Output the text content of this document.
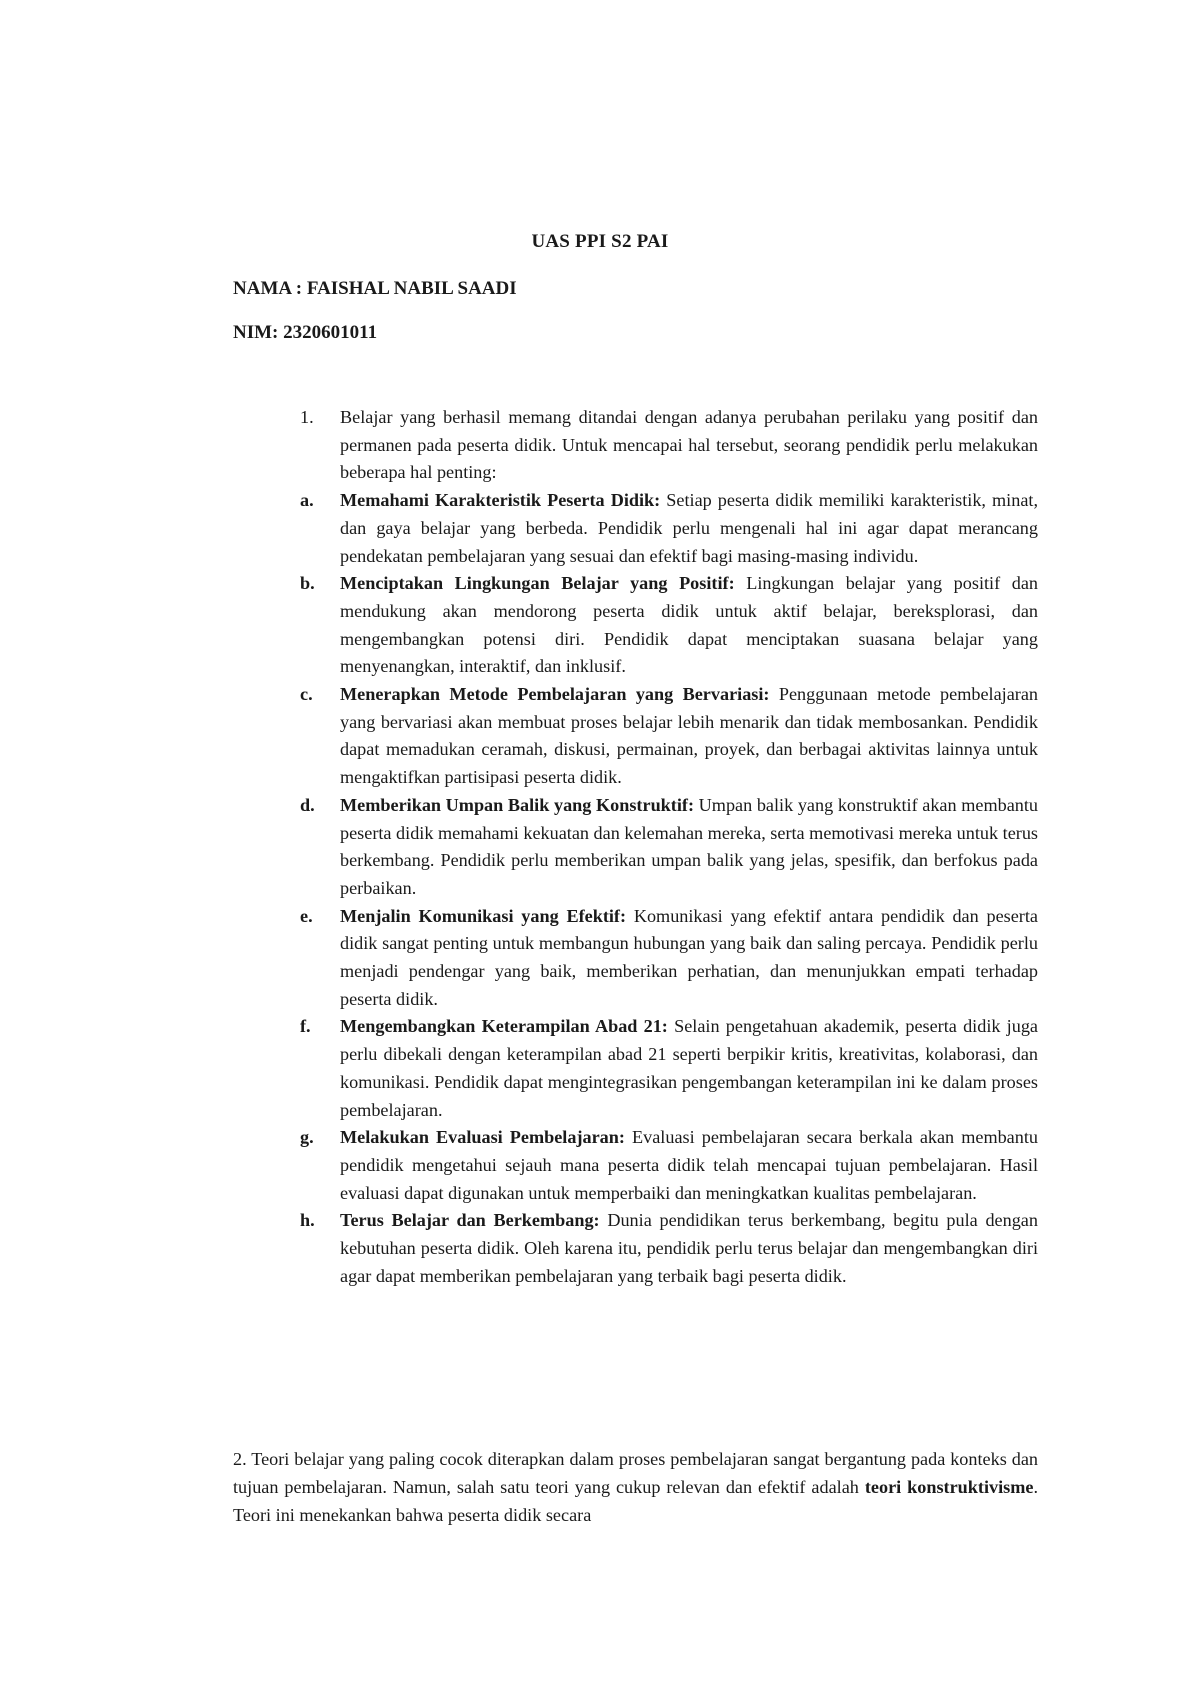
UAS PPI S2 PAI
NAMA : FAISHAL NABIL SAADI
NIM: 2320601011
1.	Belajar yang berhasil memang ditandai dengan adanya perubahan perilaku yang positif dan permanen pada peserta didik. Untuk mencapai hal tersebut, seorang pendidik perlu melakukan beberapa hal penting:
a.	Memahami Karakteristik Peserta Didik: Setiap peserta didik memiliki karakteristik, minat, dan gaya belajar yang berbeda. Pendidik perlu mengenali hal ini agar dapat merancang pendekatan pembelajaran yang sesuai dan efektif bagi masing-masing individu.
b.	Menciptakan Lingkungan Belajar yang Positif: Lingkungan belajar yang positif dan mendukung akan mendorong peserta didik untuk aktif belajar, bereksplorasi, dan mengembangkan potensi diri. Pendidik dapat menciptakan suasana belajar yang menyenangkan, interaktif, dan inklusif.
c.	Menerapkan Metode Pembelajaran yang Bervariasi: Penggunaan metode pembelajaran yang bervariasi akan membuat proses belajar lebih menarik dan tidak membosankan. Pendidik dapat memadukan ceramah, diskusi, permainan, proyek, dan berbagai aktivitas lainnya untuk mengaktifkan partisipasi peserta didik.
d.	Memberikan Umpan Balik yang Konstruktif: Umpan balik yang konstruktif akan membantu peserta didik memahami kekuatan dan kelemahan mereka, serta memotivasi mereka untuk terus berkembang. Pendidik perlu memberikan umpan balik yang jelas, spesifik, dan berfokus pada perbaikan.
e.	Menjalin Komunikasi yang Efektif: Komunikasi yang efektif antara pendidik dan peserta didik sangat penting untuk membangun hubungan yang baik dan saling percaya. Pendidik perlu menjadi pendengar yang baik, memberikan perhatian, dan menunjukkan empati terhadap peserta didik.
f.	Mengembangkan Keterampilan Abad 21: Selain pengetahuan akademik, peserta didik juga perlu dibekali dengan keterampilan abad 21 seperti berpikir kritis, kreativitas, kolaborasi, dan komunikasi. Pendidik dapat mengintegrasikan pengembangan keterampilan ini ke dalam proses pembelajaran.
g.	Melakukan Evaluasi Pembelajaran: Evaluasi pembelajaran secara berkala akan membantu pendidik mengetahui sejauh mana peserta didik telah mencapai tujuan pembelajaran. Hasil evaluasi dapat digunakan untuk memperbaiki dan meningkatkan kualitas pembelajaran.
h.	Terus Belajar dan Berkembang: Dunia pendidikan terus berkembang, begitu pula dengan kebutuhan peserta didik. Oleh karena itu, pendidik perlu terus belajar dan mengembangkan diri agar dapat memberikan pembelajaran yang terbaik bagi peserta didik.
2. Teori belajar yang paling cocok diterapkan dalam proses pembelajaran sangat bergantung pada konteks dan tujuan pembelajaran. Namun, salah satu teori yang cukup relevan dan efektif adalah teori konstruktivisme. Teori ini menekankan bahwa peserta didik secara
